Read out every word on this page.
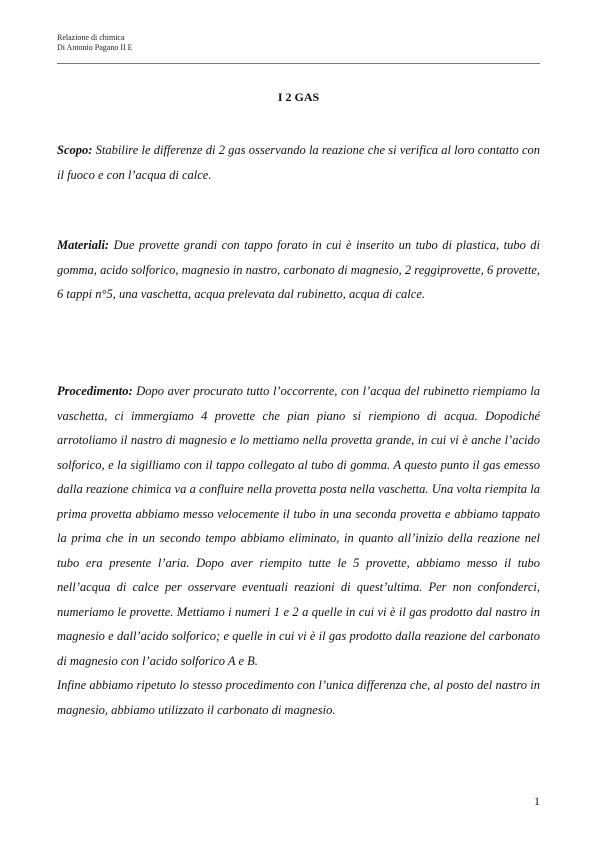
Relazione di chimica
Di Antonio Pagano II E
I 2 GAS

Scopo: Stabilire le differenze di 2 gas osservando la reazione che si verifica al loro contatto con il fuoco e con l’acqua di calce.

Materiali: Due provette grandi con tappo forato in cui è inserito un tubo di plastica, tubo di gomma, acido solforico, magnesio in nastro, carbonato di magnesio, 2 reggiprovette, 6 provette, 6 tappi n°5, una vaschetta, acqua prelevata dal rubinetto, acqua di calce.

Procedimento: Dopo aver procurato tutto l’occorrente, con l’acqua del rubinetto riempiamo la vaschetta, ci immergiamo 4 provette che pian piano si riempiono di acqua. Dopodiché arrotoliamo il nastro di magnesio e lo mettiamo nella provetta grande, in cui vi è anche l’acido solforico, e la sigilliamo con il tappo collegato al tubo di gomma. A questo punto il gas emesso dalla reazione chimica va a confluire nella provetta posta nella vaschetta. Una volta riempita la prima provetta abbiamo messo velocemente il tubo in una seconda provetta e abbiamo tappato la prima che in un secondo tempo abbiamo eliminato, in quanto all’inizio della reazione nel tubo era presente l’aria. Dopo aver riempito tutte le 5 provette, abbiamo messo il tubo nell’acqua di calce per osservare eventuali reazioni di quest’ultima. Per non confonderci, numeriamo le provette. Mettiamo i numeri 1 e 2 a quelle in cui vi è il gas prodotto dal nastro in magnesio e dall’acido solforico; e quelle in cui vi è il gas prodotto dalla reazione del carbonato di magnesio con l’acido solforico A e B.

Infine abbiamo ripetuto lo stesso procedimento con l’unica differenza che, al posto del nastro in magnesio, abbiamo utilizzato il carbonato di magnesio.

1
